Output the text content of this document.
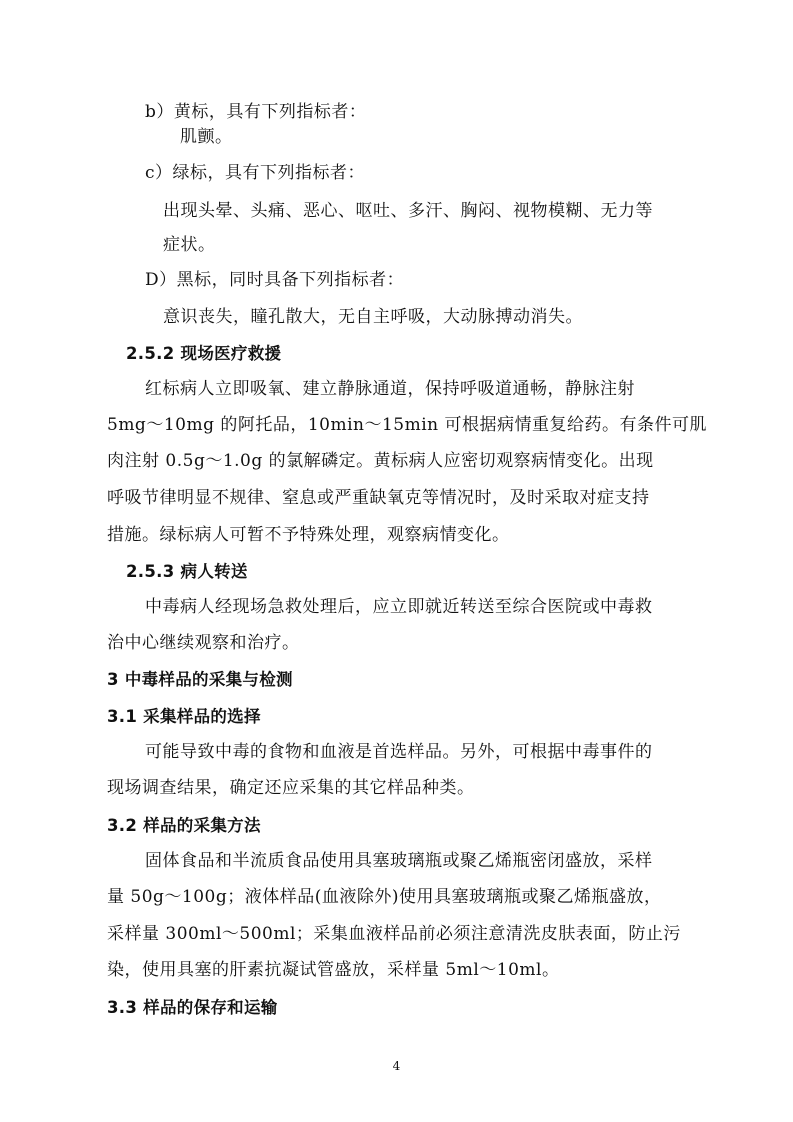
b）黄标，具有下列指标者：
肌颤。
c）绿标，具有下列指标者：
出现头晕、头痛、恶心、呕吐、多汗、胸闷、视物模糊、无力等
症状。
D）黑标，同时具备下列指标者：
意识丧失，瞳孔散大，无自主呼吸，大动脉搏动消失。
2.5.2 现场医疗救援
红标病人立即吸氧、建立静脉通道，保持呼吸道通畅，静脉注射
5mg～10mg 的阿托品，10min～15min 可根据病情重复给药。有条件可肌
肉注射 0.5g～1.0g 的氯解磷定。黄标病人应密切观察病情变化。出现
呼吸节律明显不规律、窒息或严重缺氧克等情况时，及时采取对症支持
措施。绿标病人可暂不予特殊处理，观察病情变化。
2.5.3 病人转送
中毒病人经现场急救处理后，应立即就近转送至综合医院或中毒救
治中心继续观察和治疗。
3 中毒样品的采集与检测
3.1 采集样品的选择
可能导致中毒的食物和血液是首选样品。另外，可根据中毒事件的
现场调查结果，确定还应采集的其它样品种类。
3.2 样品的采集方法
固体食品和半流质食品使用具塞玻璃瓶或聚乙烯瓶密闭盛放，采样
量 50g～100g；液体样品(血液除外)使用具塞玻璃瓶或聚乙烯瓶盛放，
采样量 300ml～500ml；采集血液样品前必须注意清洗皮肤表面，防止污
染，使用具塞的肝素抗凝试管盛放，采样量 5ml～10ml。
3.3 样品的保存和运输
4
